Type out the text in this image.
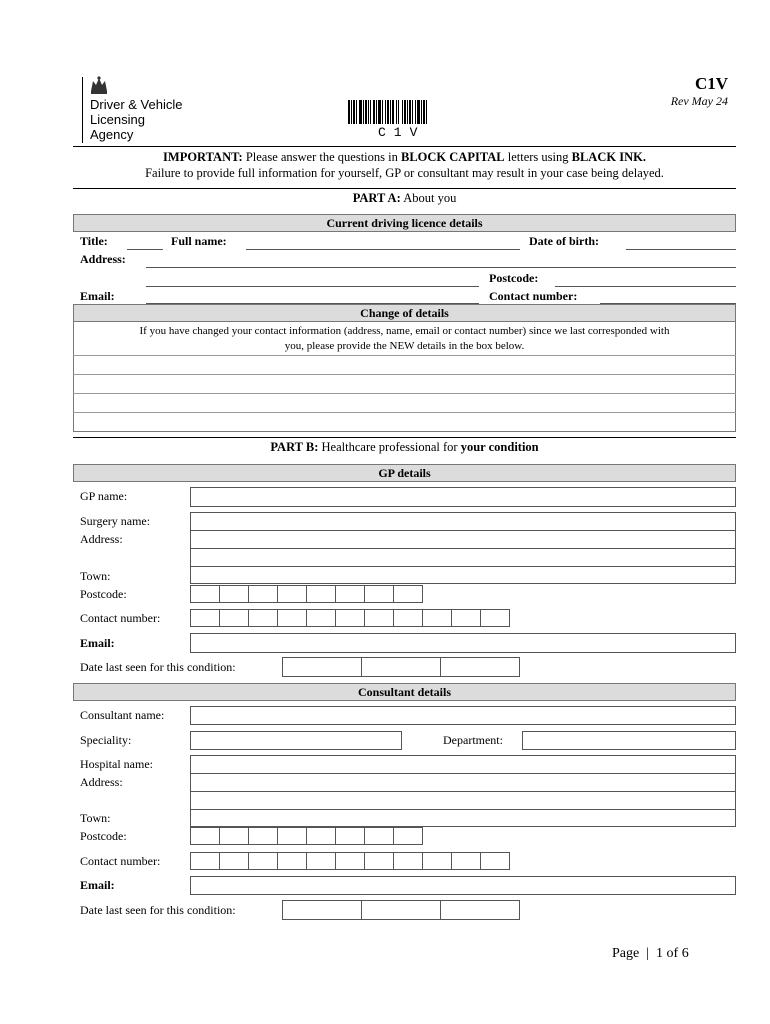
Driver & Vehicle
Licensing
Agency	C1V
C1V
Rev May 24
IMPORTANT: Please answer the questions in BLOCK CAPITAL letters using BLACK INK.
Failure to provide full information for yourself, GP or consultant may result in your case being delayed.
PART A: About you
Current driving licence details
Title:	Full name:	Date of birth:
Address:
Postcode:
Email:	Contact number:
Change of details
If you have changed your contact information (address, name, email or contact number) since we last corresponded with
you, please provide the NEW details in the box below.
PART B: Healthcare professional for your condition
GP details
GP name:
Surgery name:
Address:
Town:
Postcode:
Contact number:
Email:
Date last seen for this condition:
Consultant details
Consultant name:
Speciality:	Department:
Hospital name:
Address:
Town:
Postcode:
Contact number:
Email:
Date last seen for this condition:
Page  |  1 of 6
